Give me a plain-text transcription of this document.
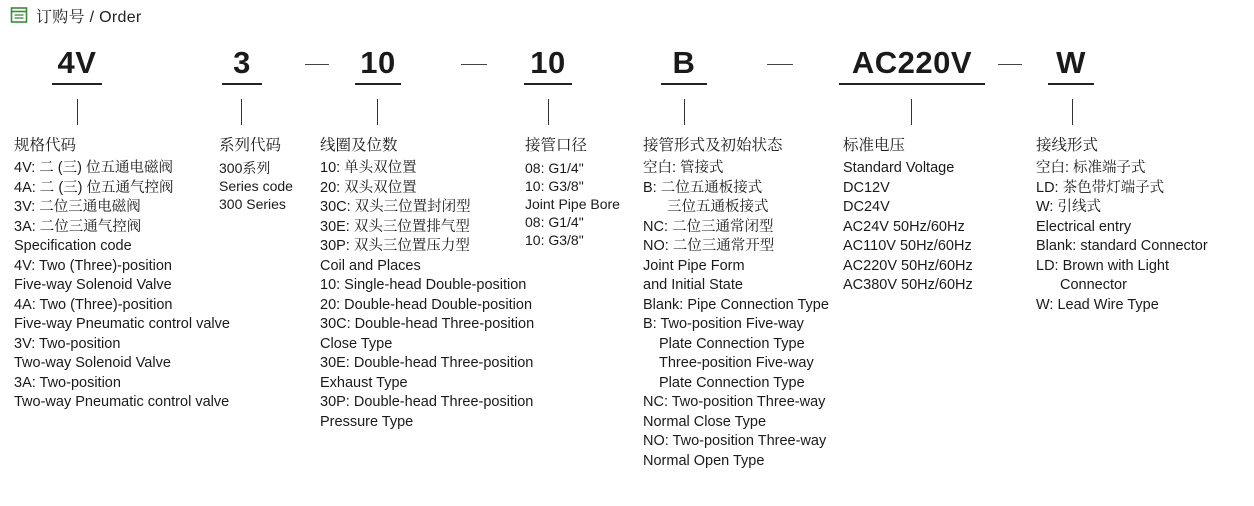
订购号 / Order
4V	3	10	10	B	AC220V	W
规格代码
4V: 二 (三) 位五通电磁阀
4A: 二 (三) 位五通气控阀
3V: 二位三通电磁阀
3A: 二位三通气控阀
Specification code
4V: Two (Three)-position
Five-way Solenoid Valve
4A: Two (Three)-position
Five-way Pneumatic control valve
3V: Two-position
Two-way Solenoid Valve
3A: Two-position
Two-way Pneumatic control valve
系列代码
300系列
Series code
300 Series
线圈及位数
10: 单头双位置
20: 双头双位置
30C: 双头三位置封闭型
30E: 双头三位置排气型
30P: 双头三位置压力型
Coil and Places
10: Single-head Double-position
20: Double-head Double-position
30C: Double-head Three-position
Close Type
30E: Double-head Three-position
Exhaust Type
30P: Double-head Three-position
Pressure Type
接管口径
08: G1/4"
10: G3/8"
Joint Pipe Bore
08: G1/4"
10: G3/8"
接管形式及初始状态
空白: 管接式
B: 二位五通板接式
三位五通板接式
NC: 二位三通常闭型
NO: 二位三通常开型
Joint Pipe Form
and Initial State
Blank: Pipe Connection Type
B: Two-position Five-way
Plate Connection Type
Three-position Five-way
Plate Connection Type
NC: Two-position Three-way
Normal Close Type
NO: Two-position Three-way
Normal Open Type
标准电压
Standard Voltage
DC12V
DC24V
AC24V 50Hz/60Hz
AC110V 50Hz/60Hz
AC220V 50Hz/60Hz
AC380V 50Hz/60Hz
接线形式
空白: 标准端子式
LD: 茶色带灯端子式
W: 引线式
Electrical entry
Blank: standard Connector
LD: Brown with Light
Connector
W: Lead Wire Type
